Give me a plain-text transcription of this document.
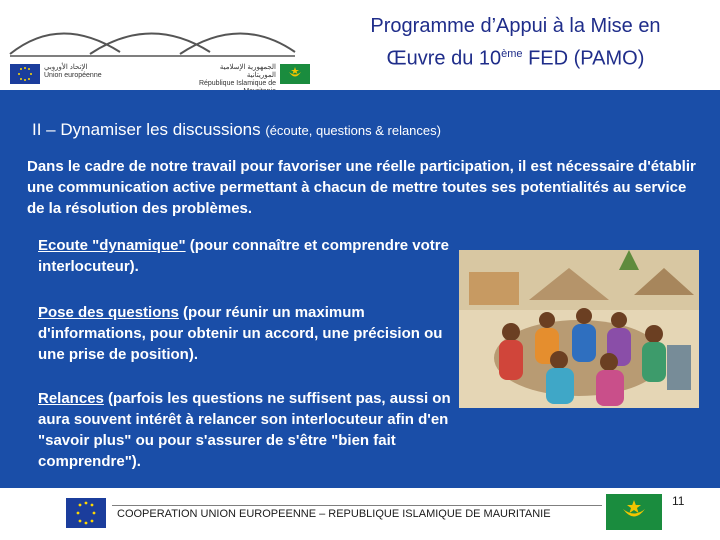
الإتحاد الأوروبي
Union européenne
الجمهورية الإسلامية الموريتانية
République Islamique de
Programme d’Appui à la Mise en
Œuvre du 10ème FED (PAMO)
II – Dynamiser les discussions (écoute, questions & relances)
Dans le cadre de notre travail pour favoriser une réelle participation, il est nécessaire d'établir une communication active permettant à chacun de mettre toutes ses potentialités au service de la résolution des problèmes.
Ecoute "dynamique" (pour connaître et comprendre votre interlocuteur).
Pose des questions (pour réunir un maximum d'informations, pour obtenir un accord, une précision ou une prise de position).
Relances (parfois les questions ne suffisent pas, aussi on aura souvent intérêt à relancer son interlocuteur afin d'en "savoir plus" ou pour s'assurer de s'être "bien fait comprendre").
COOPERATION UNION EUROPEENNE – REPUBLIQUE ISLAMIQUE DE MAURITANIE
11
